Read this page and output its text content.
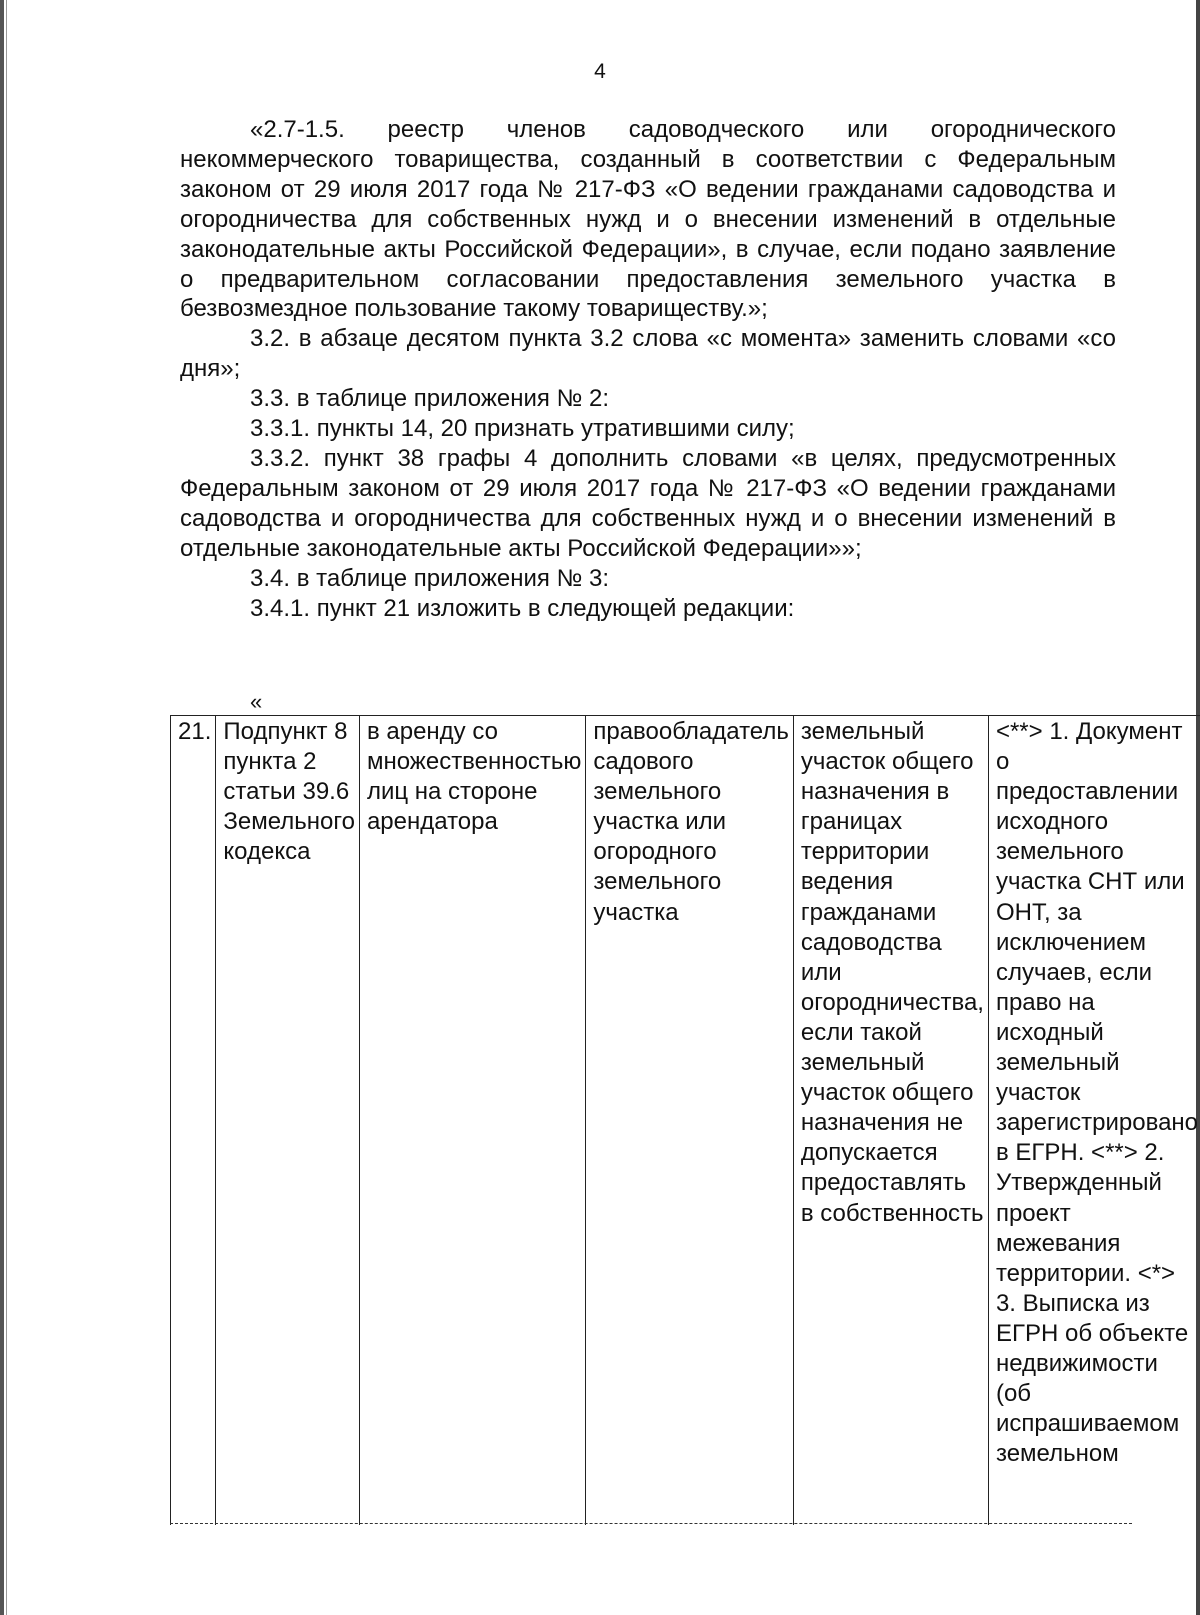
4

«2.7-1.5. реестр членов садоводческого или огороднического некоммерческого товарищества, созданный в соответствии с Федеральным законом от 29 июля 2017 года № 217-ФЗ «О ведении гражданами садоводства и огородничества для собственных нужд и о внесении изменений в отдельные законодательные акты Российской Федерации», в случае, если подано заявление о предварительном согласовании предоставления земельного участка в безвозмездное пользование такому товариществу.»;

3.2. в абзаце десятом пункта 3.2 слова «с момента» заменить словами «со дня»;

3.3. в таблице приложения № 2:

3.3.1. пункты 14, 20 признать утратившими силу;

3.3.2. пункт 38 графы 4 дополнить словами «в целях, предусмотренных Федеральным законом от 29 июля 2017 года № 217-ФЗ «О ведении гражданами садоводства и огородничества для собственных нужд и о внесении изменений в отдельные законодательные акты Российской Федерации»»;

3.4. в таблице приложения № 3:

3.4.1. пункт 21 изложить в следующей редакции:

«
21.	Подпункт 8 пункта 2 статьи 39.6 Земельного кодекса	в аренду со множественностью лиц на стороне арендатора	правообладатель садового земельного участка или огородного земельного участка	земельный участок общего назначения в границах территории ведения гражданами садоводства или огородничества, если такой земельный участок общего назначения не допускается предоставлять в собственность	<**> 1. Документ о предоставлении исходного земельного участка СНТ или ОНТ, за исключением случаев, если право на исходный земельный участок зарегистрировано в ЕГРН. <**> 2. Утвержденный проект межевания территории. <*> 3. Выписка из ЕГРН об объекте недвижимости (об испрашиваемом земельном
